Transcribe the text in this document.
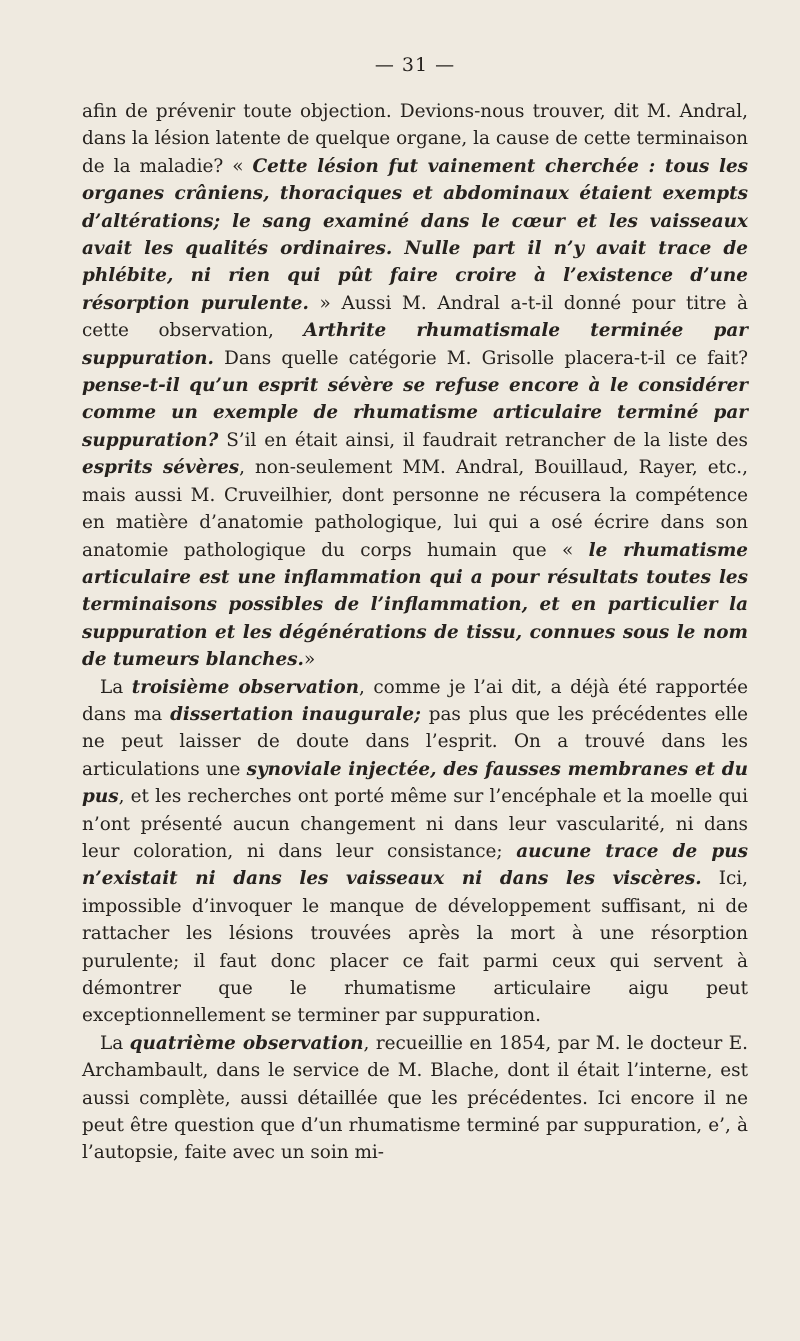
— 31 —

afin de prévenir toute objection. Devions-nous trouver, dit M. Andral, dans la lésion latente de quelque organe, la cause de cette terminaison de la maladie? « Cette lésion fut vainement cherchée : tous les organes crâniens, thoraciques et abdominaux étaient exempts d’altérations; le sang examiné dans le cœur et les vaisseaux avait les qualités ordinaires. Nulle part il n’y avait trace de phlébite, ni rien qui pût faire croire à l’existence d’une résorption purulente. » Aussi M. Andral a-t-il donné pour titre à cette observation, Arthrite rhumatismale terminée par suppuration. Dans quelle catégorie M. Grisolle placera-t-il ce fait? pense-t-il qu’un esprit sévère se refuse encore à le considérer comme un exemple de rhumatisme articulaire terminé par suppuration? S’il en était ainsi, il faudrait retrancher de la liste des esprits sévères, non-seulement MM. Andral, Bouillaud, Rayer, etc., mais aussi M. Cruveilhier, dont personne ne récusera la compétence en matière d’anatomie pathologique, lui qui a osé écrire dans son anatomie pathologique du corps humain que « le rhumatisme articulaire est une inflammation qui a pour résultats toutes les terminaisons possibles de l’inflammation, et en particulier la suppuration et les dégénérations de tissu, connues sous le nom de tumeurs blanches.»

La troisième observation, comme je l’ai dit, a déjà été rapportée dans ma dissertation inaugurale; pas plus que les précédentes elle ne peut laisser de doute dans l’esprit. On a trouvé dans les articulations une synoviale injectée, des fausses membranes et du pus, et les recherches ont porté même sur l’encéphale et la moelle qui n’ont présenté aucun changement ni dans leur vascularité, ni dans leur coloration, ni dans leur consistance; aucune trace de pus n’existait ni dans les vaisseaux ni dans les viscères. Ici, impossible d’invoquer le manque de développement suffisant, ni de rattacher les lésions trouvées après la mort à une résorption purulente; il faut donc placer ce fait parmi ceux qui servent à démontrer que le rhumatisme articulaire aigu peut exceptionnellement se terminer par suppuration.

La quatrième observation, recueillie en 1854, par M. le docteur E. Archambault, dans le service de M. Blache, dont il était l’interne, est aussi complète, aussi détaillée que les précédentes. Ici encore il ne peut être question que d’un rhumatisme terminé par suppuration, e’, à l’autopsie, faite avec un soin mi-
